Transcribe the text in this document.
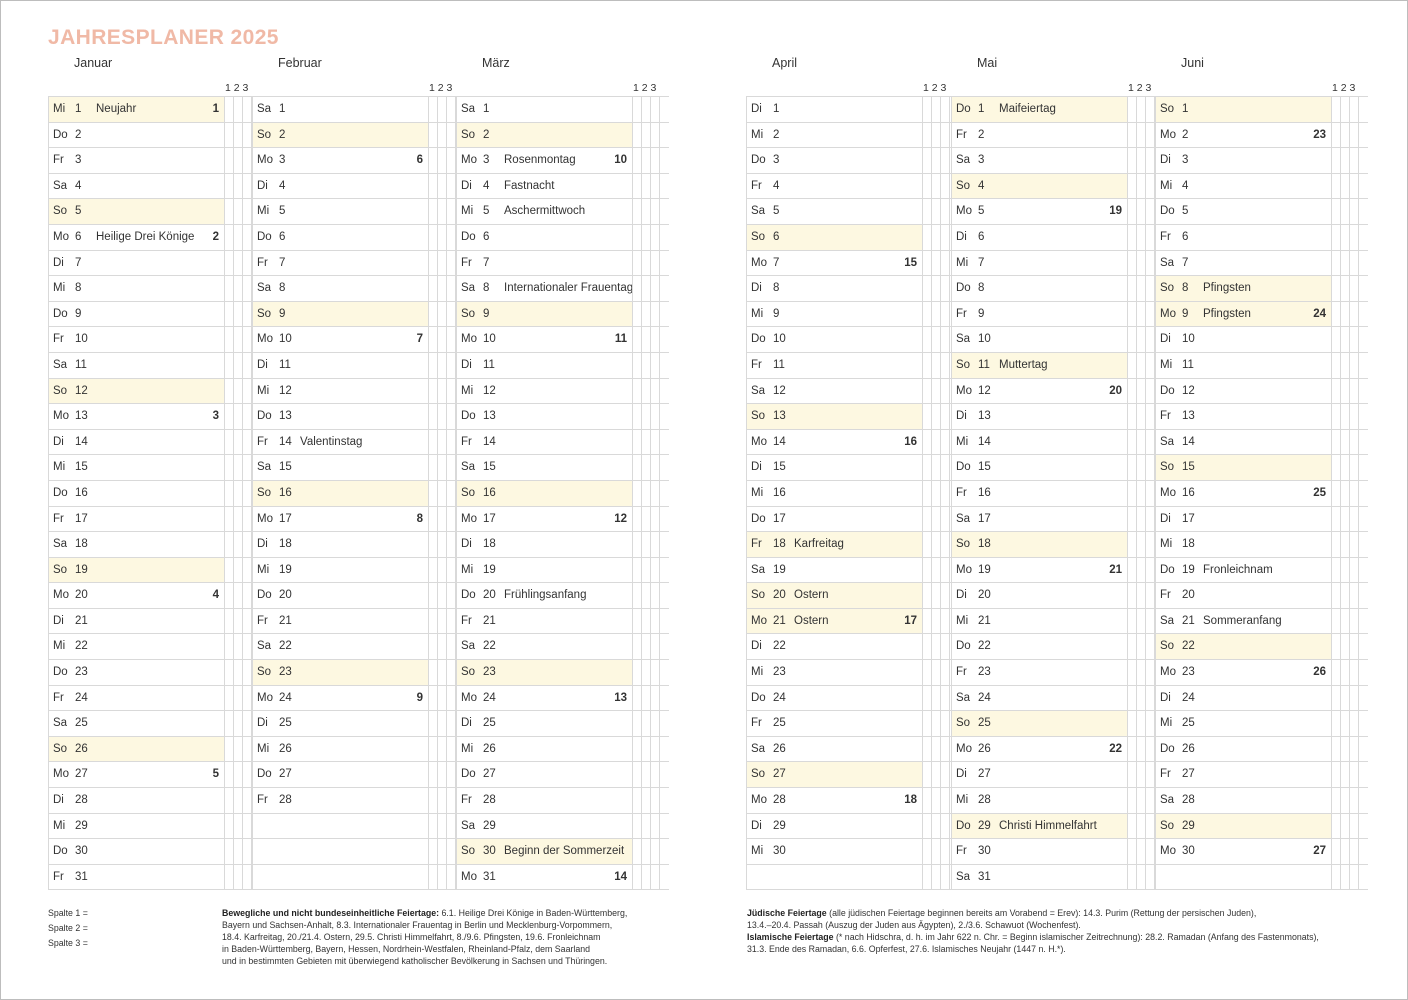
JAHRESPLANER 2025
Januar
1 2 3
Mi 1 Neujahr	1
Do 2
Fr 3
Sa 4
So 5
Mo 6 Heilige Drei Könige 2
Di 7
Mi 8
Do 9
Fr 10
Sa 11
So 12
Mo 13	3
Di 14
Mi 15
Do 16
Fr 17
Sa 18
So 19
Mo 20	4
Di 21
Mi 22
Do 23
Fr 24
Sa 25
So 26
Mo 27	5
Di 28
Mi 29
Do 30
Fr 31
Februar
1 2 3
Sa 1
So 2
Mo 3	6
Di 4
Mi 5
Do 6
Fr 7
Sa 8
So 9
Mo 10	7
Di 11
Mi 12
Do 13
Fr 14 Valentinstag
Sa 15
So 16
Mo 17	8
Di 18
Mi 19
Do 20
Fr 21
Sa 22
So 23
Mo 24	9
Di 25
Mi 26
Do 27
Fr 28
März
1 2 3
Sa 1
So 2
Mo 3 Rosenmontag	10
Di 4 Fastnacht
Mi 5 Aschermittwoch
Do 6
Fr 7
Sa 8 Internationaler Frauentag
So 9
Mo 10	11
Di 11
Mi 12
Do 13
Fr 14
Sa 15
So 16
Mo 17	12
Di 18
Mi 19
Do 20 Frühlingsanfang
Fr 21
Sa 22
So 23
Mo 24	13
Di 25
Mi 26
Do 27
Fr 28
Sa 29
So 30 Beginn der Sommerzeit
Mo 31	14
April
1 2 3
Di 1
Mi 2
Do 3
Fr 4
Sa 5
So 6
Mo 7	15
Di 8
Mi 9
Do 10
Fr 11
Sa 12
So 13
Mo 14	16
Di 15
Mi 16
Do 17
Fr 18 Karfreitag
Sa 19
So 20 Ostern
Mo 21 Ostern	17
Di 22
Mi 23
Do 24
Fr 25
Sa 26
So 27
Mo 28	18
Di 29
Mi 30
Mai
1 2 3
Do 1 Maifeiertag
Fr 2
Sa 3
So 4
Mo 5	19
Di 6
Mi 7
Do 8
Fr 9
Sa 10
So 11 Muttertag
Mo 12	20
Di 13
Mi 14
Do 15
Fr 16
Sa 17
So 18
Mo 19	21
Di 20
Mi 21
Do 22
Fr 23
Sa 24
So 25
Mo 26	22
Di 27
Mi 28
Do 29 Christi Himmelfahrt
Fr 30
Sa 31
Juni
1 2 3
So 1
Mo 2	23
Di 3
Mi 4
Do 5
Fr 6
Sa 7
So 8 Pfingsten
Mo 9 Pfingsten	24
Di 10
Mi 11
Do 12
Fr 13
Sa 14
So 15
Mo 16	25
Di 17
Mi 18
Do 19 Fronleichnam
Fr 20
Sa 21 Sommeranfang
So 22
Mo 23	26
Di 24
Mi 25
Do 26
Fr 27
Sa 28
So 29
Mo 30	27
Spalte 1 =
Spalte 2 =
Spalte 3 =
Bewegliche und nicht bundeseinheitliche Feiertage: 6.1. Heilige Drei Könige in Baden-Württemberg,
Bayern und Sachsen-Anhalt, 8.3. Internationaler Frauentag in Berlin und Mecklenburg-Vorpommern,
18.4. Karfreitag, 20./21.4. Ostern, 29.5. Christi Himmelfahrt, 8./9.6. Pfingsten, 19.6. Fronleichnam
in Baden-Württemberg, Bayern, Hessen, Nordrhein-Westfalen, Rheinland-Pfalz, dem Saarland
und in bestimmten Gebieten mit überwiegend katholischer Bevölkerung in Sachsen und Thüringen.
Jüdische Feiertage (alle jüdischen Feiertage beginnen bereits am Vorabend = Erev): 14.3. Purim (Rettung der persischen Juden),
13.4.–20.4. Passah (Auszug der Juden aus Ägypten), 2./3.6. Schawuot (Wochenfest).
Islamische Feiertage (* nach Hidschra, d. h. im Jahr 622 n. Chr. = Beginn islamischer Zeitrechnung): 28.2. Ramadan (Anfang des Fastenmonats),
31.3. Ende des Ramadan, 6.6. Opferfest, 27.6. Islamisches Neujahr (1447 n. H.*).
